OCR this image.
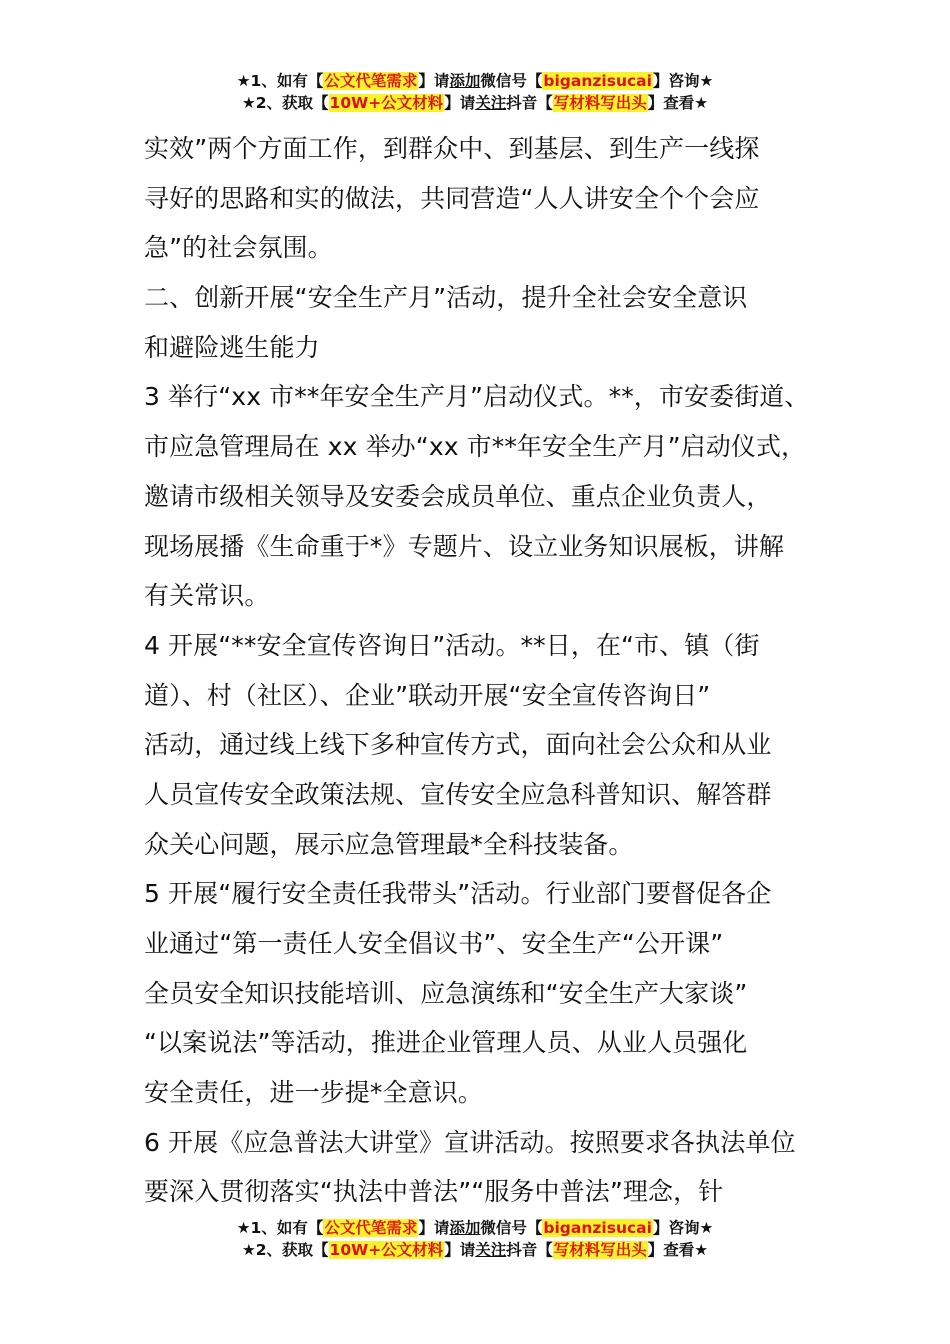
★1、如有【公文代笔需求】请添加微信号【biganzisucai】咨询★
★2、获取【10W+公文材料】请关注抖音【写材料写出头】查看★
实效”两个方面工作，到群众中、到基层、到生产一线探
寻好的思路和实的做法，共同营造“人人讲安全个个会应
急”的社会氛围。
二、创新开展“安全生产月”活动，提升全社会安全意识
和避险逃生能力
3 举行“xx 市**年安全生产月”启动仪式。**，市安委街道、
市应急管理局在 xx 举办“xx 市**年安全生产月”启动仪式，
邀请市级相关领导及安委会成员单位、重点企业负责人，
现场展播《生命重于*》专题片、设立业务知识展板，讲解
有关常识。
4 开展“**安全宣传咨询日”活动。**日，在“市、镇（街
道）、村（社区）、企业”联动开展“安全宣传咨询日”
活动，通过线上线下多种宣传方式，面向社会公众和从业
人员宣传安全政策法规、宣传安全应急科普知识、解答群
众关心问题，展示应急管理最*全科技装备。
5 开展“履行安全责任我带头”活动。行业部门要督促各企
业通过“第一责任人安全倡议书”、安全生产“公开课”
全员安全知识技能培训、应急演练和“安全生产大家谈”
“以案说法”等活动，推进企业管理人员、从业人员强化
安全责任，进一步提*全意识。
6 开展《应急普法大讲堂》宣讲活动。按照要求各执法单位
要深入贯彻落实“执法中普法”“服务中普法”理念，针
★1、如有【公文代笔需求】请添加微信号【biganzisucai】咨询★
★2、获取【10W+公文材料】请关注抖音【写材料写出头】查看★
